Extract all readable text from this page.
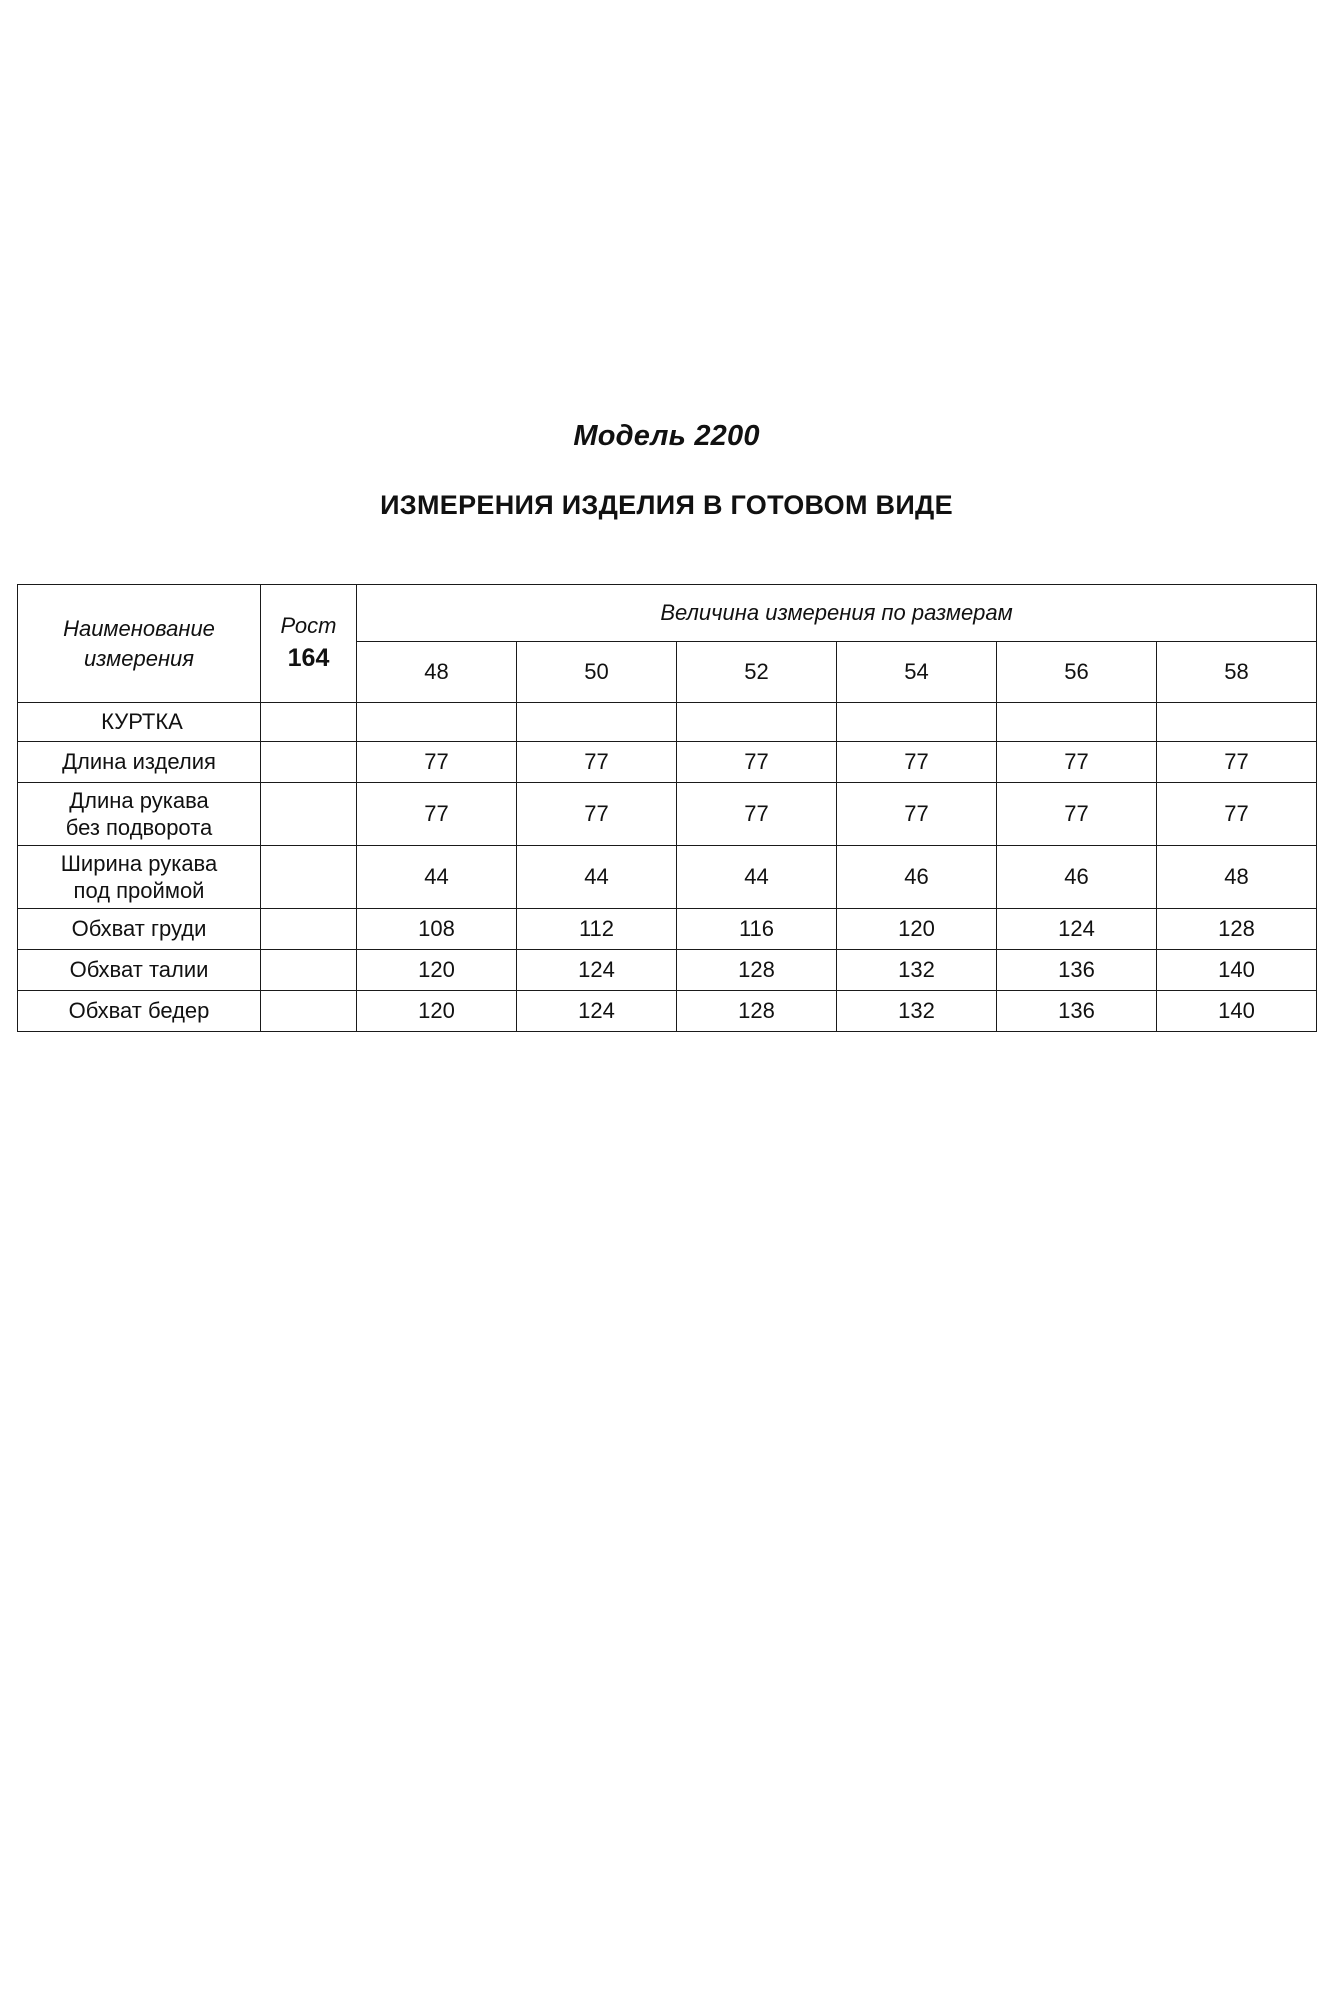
Модель 2200
ИЗМЕРЕНИЯ ИЗДЕЛИЯ В ГОТОВОМ ВИДЕ
Наименование
измерения
	Рост
164
	Величина измерения по размерам
		48	50	52	54	56	58
КУРТКА							
Длина изделия		77	77	77	77	77	77

Длина рукава
без подворота		77	77	77	77	77	77

Ширина рукава
под проймой		44	44	44	46	46	48
Обхват груди		108	112	116	120	124	128
Обхват талии		120	124	128	132	136	140
Обхват бедер		120	124	128	132	136	140
